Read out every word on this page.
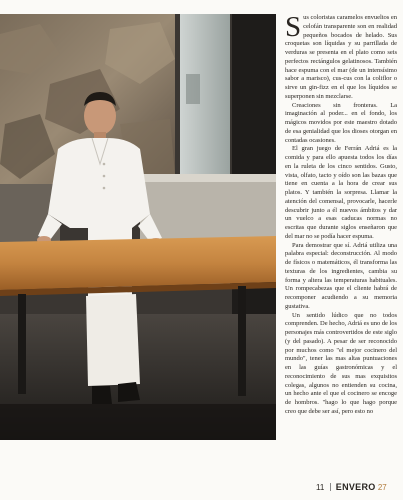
Sus coloristas caramelos envueltos en celofán transparente son en realidad pequeños bocados de helado. Sus croquetas son líquidas y su parrillada de verduras se presenta en el plato como seis perfectos rectángulos gelatinosos. También hace espuma con el mar (de un intensísimo sabor a marisco), cus-cus con la coliflor o sirve un gin-fizz en el que los líquidos se superponen sin mezclarse.

Creaciones sin fronteras. La imaginación al poder... en el fondo, los mágicos movidos por este maestro dotado de esa genialidad que los dioses otorgan en contadas ocasiones.

El gran juego de Ferrán Adriá es la comida y para ello apuesta todos los días en la ruleta de los cinco sentidos. Gusto, vista, olfato, tacto y oído son las bazas que tiene en cuenta a la hora de crear sus platos. Y también la sorpresa. Llamar la atención del comensal, provocarle, hacerle descubrir junto a él nuevos ámbitos y dar un vuelco a esas caducas normas no escritas que durante siglos enseñaron que del mar no se podía hacer espuma.

Para demostrar que sí. Adriá utiliza una palabra especial: deconstrucción. Al modo de físicos o matemáticos, él transforma las texturas de los ingredientes, cambia su forma y altera las temperaturas habituales. Un rompecabezas que el cliente habrá de recomponer acudiendo a su memoria gustativa.

Un sentido lúdico que no todos comprenden. De hecho, Adriá es uno de los personajes más controvertidos de este siglo (y del pasado). A pesar de ser reconocido por muchos como "el mejor cocinero del mundo", tener las mas altas puntuaciones en las guías gastronómicas y el reconocimiento de sus mas exquisitos colegas, algunos no entienden su cocina, un hecho ante el que el cocinero se encoge de hombros. "hago lo que hago porque creo que debe ser así, pero esto no

11 ENVERO 27
